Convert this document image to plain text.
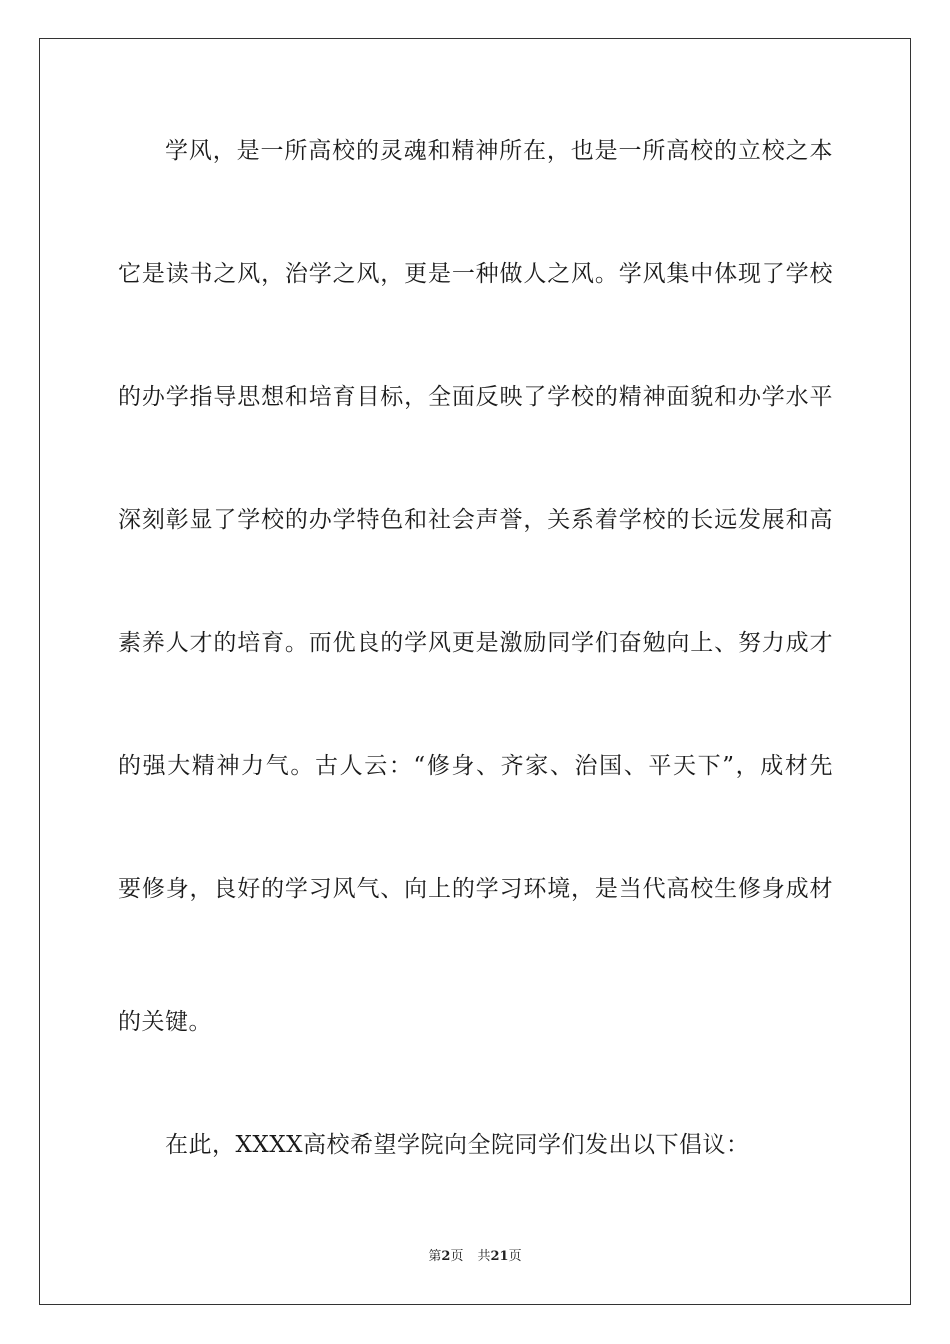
学风，是一所高校的灵魂和精神所在，也是一所高校的立校之本
它是读书之风，治学之风，更是一种做人之风。学风集中体现了学校
的办学指导思想和培育目标，全面反映了学校的精神面貌和办学水平
深刻彰显了学校的办学特色和社会声誉，关系着学校的长远发展和高
素养人才的培育。而优良的学风更是激励同学们奋勉向上、努力成才
的强大精神力气。古人云：“修身、齐家、治国、平天下”，成材先
要修身，良好的学习风气、向上的学习环境，是当代高校生修身成材
的关键。
在此，XXXX高校希望学院向全院同学们发出以下倡议：
第2页 共21页
